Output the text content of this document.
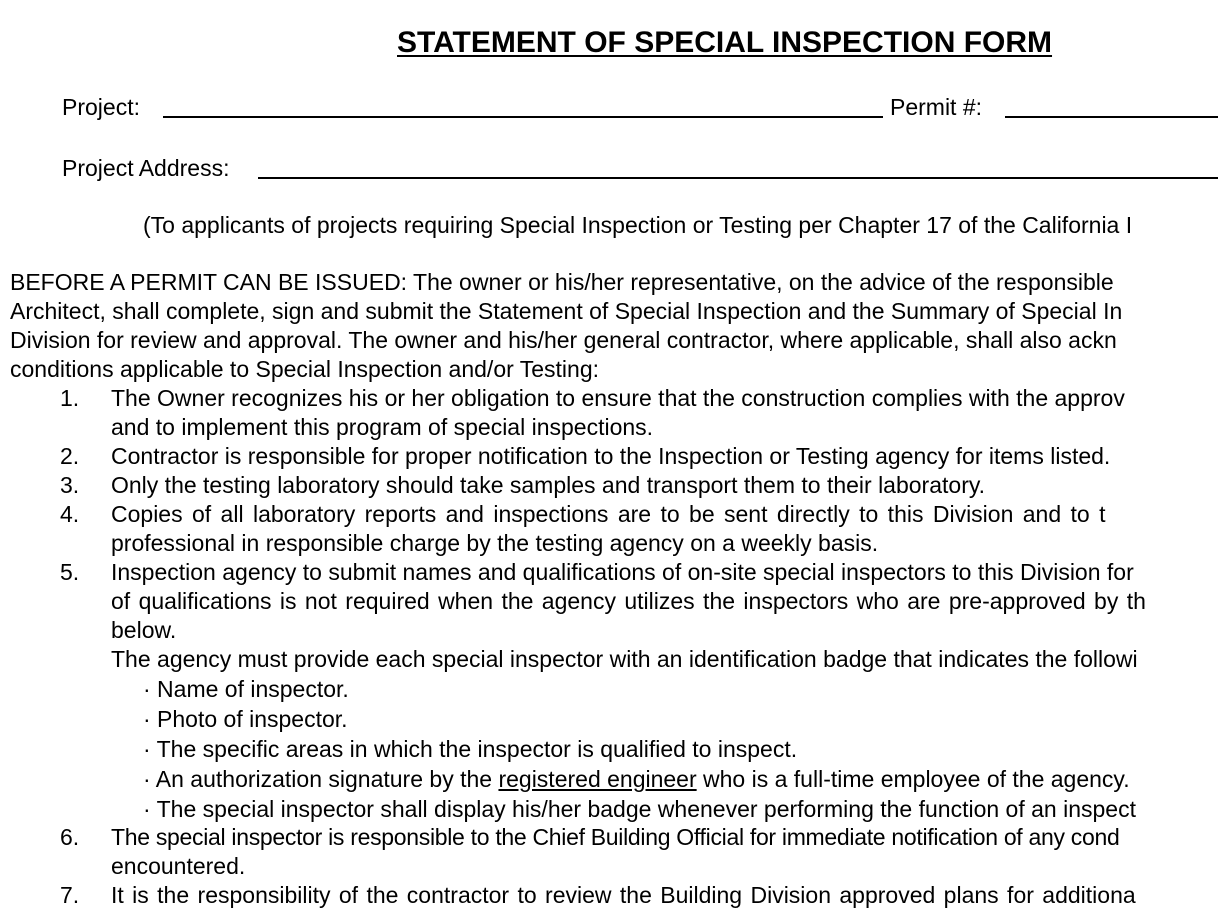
STATEMENT OF SPECIAL INSPECTION FORM
Project:	Permit #:
Project Address:
(To applicants of projects requiring Special Inspection or Testing per Chapter 17 of the California I
BEFORE A PERMIT CAN BE ISSUED: The owner or his/her representative, on the advice of the responsible
Architect, shall complete, sign and submit the Statement of Special Inspection and the Summary of Special In
Division for review and approval. The owner and his/her general contractor, where applicable, shall also ackn
conditions applicable to Special Inspection and/or Testing:
1. The Owner recognizes his or her obligation to ensure that the construction complies with the approv
and to implement this program of special inspections.
2. Contractor is responsible for proper notification to the Inspection or Testing agency for items listed.
3. Only the testing laboratory should take samples and transport them to their laboratory.
4. Copies of all laboratory reports and inspections are to be sent directly to this Division and to t
professional in responsible charge by the testing agency on a weekly basis.
5. Inspection agency to submit names and qualifications of on-site special inspectors to this Division for
of qualifications is not required when the agency utilizes the inspectors who are pre-approved by th
below.
The agency must provide each special inspector with an identification badge that indicates the followi
· Name of inspector.
· Photo of inspector.
· The specific areas in which the inspector is qualified to inspect.
· An authorization signature by the registered engineer who is a full-time employee of the agency.
· The special inspector shall display his/her badge whenever performing the function of an inspect
6. The special inspector is responsible to the Chief Building Official for immediate notification of any cond
encountered.
7. It is the responsibility of the contractor to review the Building Division approved plans for additiona
